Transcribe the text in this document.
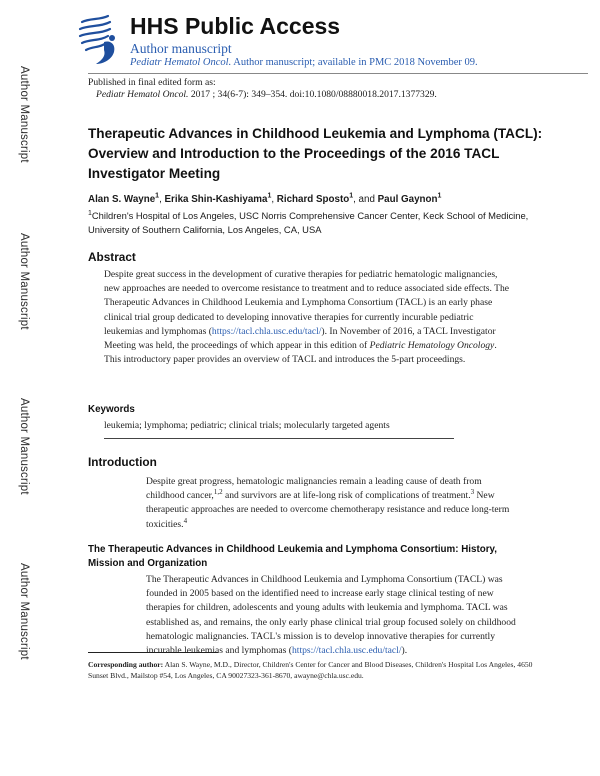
Author Manuscript
Author Manuscript
Author Manuscript
Author Manuscript
HHS Public Access
Author manuscript
Pediatr Hematol Oncol. Author manuscript; available in PMC 2018 November 09.
Published in final edited form as:
Pediatr Hematol Oncol. 2017 ; 34(6-7): 349–354. doi:10.1080/08880018.2017.1377329.
Therapeutic Advances in Childhood Leukemia and Lymphoma (TACL): Overview and Introduction to the Proceedings of the 2016 TACL Investigator Meeting
Alan S. Wayne$^1$, Erika Shin-Kashiyama$^1$, Richard Sposto$^1$, and Paul Gaynon$^1$
$^1$Children's Hospital of Los Angeles, USC Norris Comprehensive Cancer Center, Keck School of Medicine, University of Southern California, Los Angeles, CA, USA
Abstract
Despite great success in the development of curative therapies for pediatric hematologic malignancies, new approaches are needed to overcome resistance to treatment and to reduce associated side effects. The Therapeutic Advances in Childhood Leukemia and Lymphoma Consortium (TACL) is an early phase clinical trial group dedicated to developing innovative therapies for currently incurable pediatric leukemias and lymphomas (https://tacl.chla.usc.edu/tacl/). In November of 2016, a TACL Investigator Meeting was held, the proceedings of which appear in this edition of Pediatric Hematology Oncology. This introductory paper provides an overview of TACL and introduces the 5-part proceedings.
Keywords
leukemia; lymphoma; pediatric; clinical trials; molecularly targeted agents
Introduction
Despite great progress, hematologic malignancies remain a leading cause of death from childhood cancer,$^{1,2}$ and survivors are at life-long risk of complications of treatment.$^3$ New therapeutic approaches are needed to overcome chemotherapy resistance and reduce long-term toxicities.$^4$
The Therapeutic Advances in Childhood Leukemia and Lymphoma Consortium: History, Mission and Organization
The Therapeutic Advances in Childhood Leukemia and Lymphoma Consortium (TACL) was founded in 2005 based on the identified need to increase early stage clinical testing of new therapies for children, adolescents and young adults with leukemia and lymphoma. TACL was established as, and remains, the only early phase clinical trial group focused solely on childhood hematologic malignancies. TACL's mission is to develop innovative therapies for currently incurable leukemias and lymphomas (https://tacl.chla.usc.edu/tacl/).
Corresponding author: Alan S. Wayne, M.D., Director, Children's Center for Cancer and Blood Diseases, Children's Hospital Los Angeles, 4650 Sunset Blvd., Mailstop #54, Los Angeles, CA 90027323-361-8670, awayne@chla.usc.edu.
